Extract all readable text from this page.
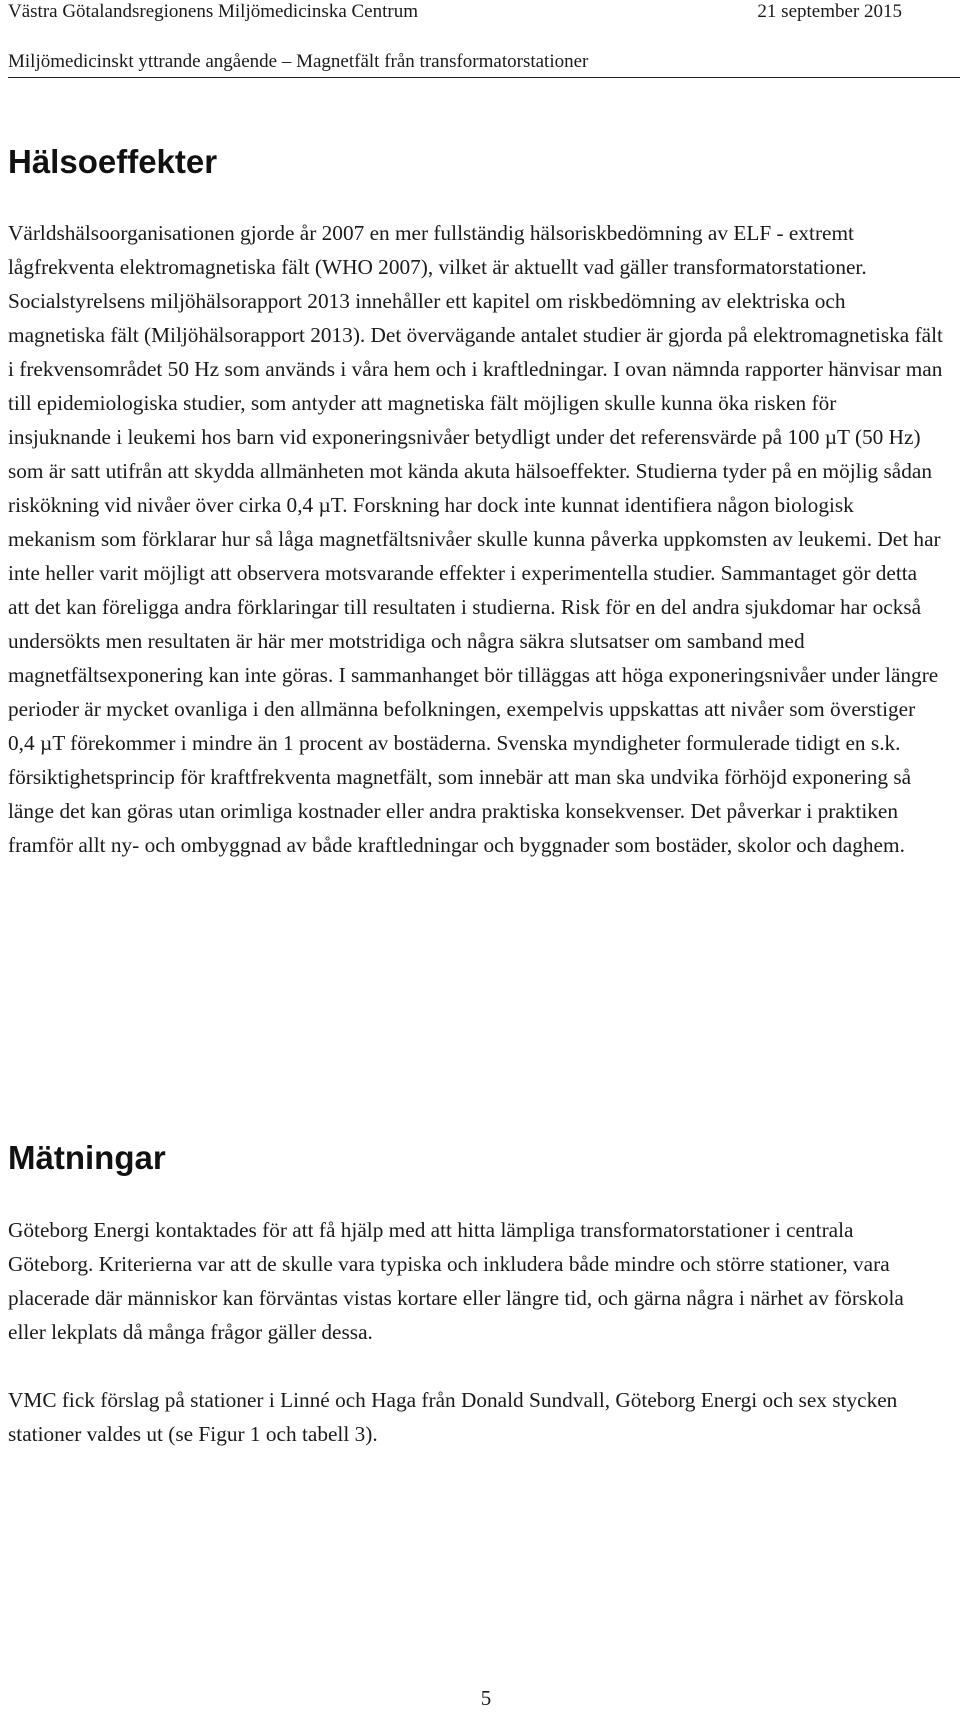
Västra Götalandsregionens Miljömedicinska Centrum	21 september 2015
Miljömedicinskt yttrande angående – Magnetfält från transformatorstationer
Hälsoeffekter

Världshälsoorganisationen gjorde år 2007 en mer fullständig hälsoriskbedömning av ELF - extremt lågfrekventa elektromagnetiska fält (WHO 2007), vilket är aktuellt vad gäller transformatorstationer. Socialstyrelsens miljöhälsorapport 2013 innehåller ett kapitel om riskbedömning av elektriska och magnetiska fält (Miljöhälsorapport 2013). Det övervägande antalet studier är gjorda på elektromagnetiska fält i frekvensområdet 50 Hz som används i våra hem och i kraftledningar. I ovan nämnda rapporter hänvisar man till epidemiologiska studier, som antyder att magnetiska fält möjligen skulle kunna öka risken för insjuknande i leukemi hos barn vid exponeringsnivåer betydligt under det referensvärde på 100 µT (50 Hz) som är satt utifrån att skydda allmänheten mot kända akuta hälsoeffekter. Studierna tyder på en möjlig sådan riskökning vid nivåer över cirka 0,4 µT. Forskning har dock inte kunnat identifiera någon biologisk mekanism som förklarar hur så låga magnetfältsnivåer skulle kunna påverka uppkomsten av leukemi. Det har inte heller varit möjligt att observera motsvarande effekter i experimentella studier. Sammantaget gör detta att det kan föreligga andra förklaringar till resultaten i studierna. Risk för en del andra sjukdomar har också undersökts men resultaten är här mer motstridiga och några säkra slutsatser om samband med magnetfältsexponering kan inte göras. I sammanhanget bör tilläggas att höga exponeringsnivåer under längre perioder är mycket ovanliga i den allmänna befolkningen, exempelvis uppskattas att nivåer som överstiger 0,4 µT förekommer i mindre än 1 procent av bostäderna. Svenska myndigheter formulerade tidigt en s.k. försiktighetsprincip för kraftfrekventa magnetfält, som innebär att man ska undvika förhöjd exponering så länge det kan göras utan orimliga kostnader eller andra praktiska konsekvenser. Det påverkar i praktiken framför allt ny- och ombyggnad av både kraftledningar och byggnader som bostäder, skolor och daghem.

Mätningar

Göteborg Energi kontaktades för att få hjälp med att hitta lämpliga transformatorstationer i centrala Göteborg. Kriterierna var att de skulle vara typiska och inkludera både mindre och större stationer, vara placerade där människor kan förväntas vistas kortare eller längre tid, och gärna några i närhet av förskola eller lekplats då många frågor gäller dessa.

VMC fick förslag på stationer i Linné och Haga från Donald Sundvall, Göteborg Energi och sex stycken stationer valdes ut (se Figur 1 och tabell 3).

5
